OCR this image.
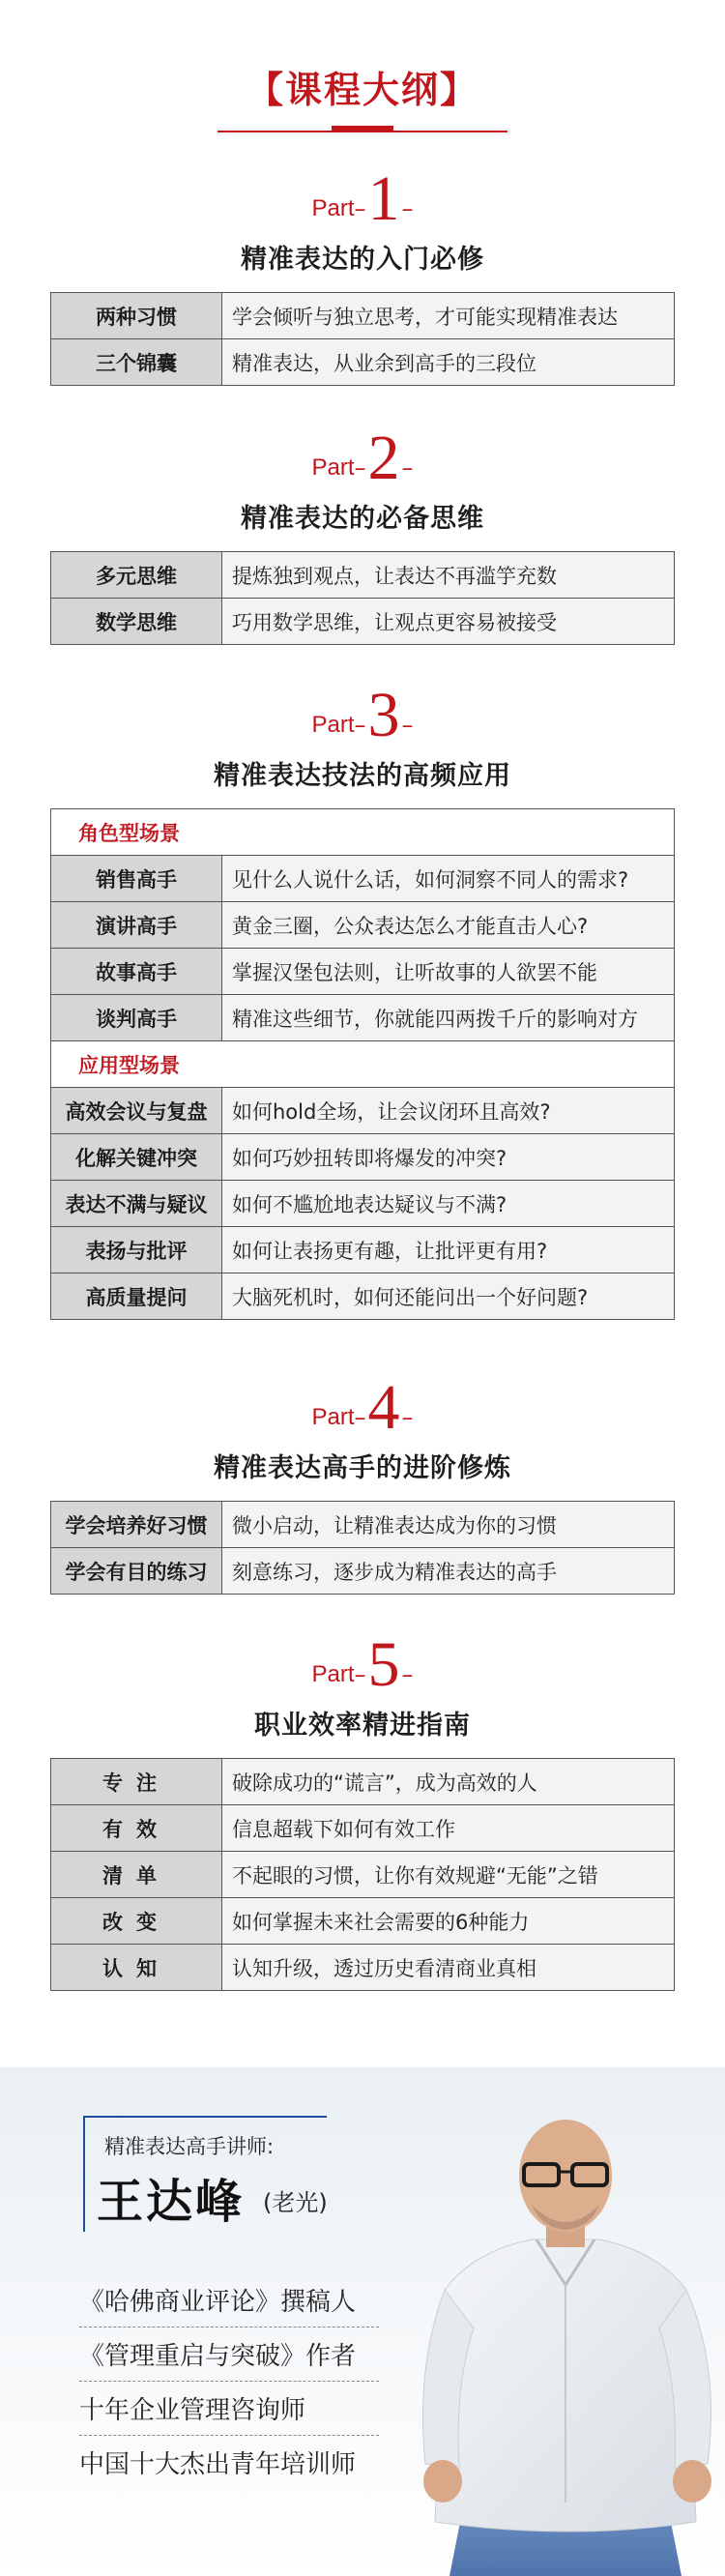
【课程大纲】
Part – 1 –
精准表达的入门必修
两种习惯	学会倾听与独立思考，才可能实现精准表达
三个锦囊	精准表达，从业余到高手的三段位
Part – 2 –
精准表达的必备思维
多元思维	提炼独到观点，让表达不再滥竽充数
数学思维	巧用数学思维，让观点更容易被接受
Part – 3 –
精准表达技法的高频应用
角色型场景	
销售高手	见什么人说什么话，如何洞察不同人的需求?
演讲高手	黄金三圈，公众表达怎么才能直击人心?
故事高手	掌握汉堡包法则，让听故事的人欲罢不能
谈判高手	精准这些细节，你就能四两拨千斤的影响对方
应用型场景	
高效会议与复盘	如何hold全场，让会议闭环且高效?
化解关键冲突	如何巧妙扭转即将爆发的冲突?
表达不满与疑议	如何不尴尬地表达疑议与不满?
表扬与批评	如何让表扬更有趣，让批评更有用?
高质量提问	大脑死机时，如何还能问出一个好问题?
Part – 4 –
精准表达高手的进阶修炼
学会培养好习惯	微小启动，让精准表达成为你的习惯
学会有目的练习	刻意练习，逐步成为精准表达的高手
Part – 5 –
职业效率精进指南
专注	破除成功的“谎言”，成为高效的人
有效	信息超载下如何有效工作
清单	不起眼的习惯，让你有效规避“无能”之错
改变	如何掌握未来社会需要的6种能力
认知	认知升级，透过历史看清商业真相
精准表达高手讲师:
王达峰 (老光)
《哈佛商业评论》撰稿人
《管理重启与突破》作者
十年企业管理咨询师
中国十大杰出青年培训师
